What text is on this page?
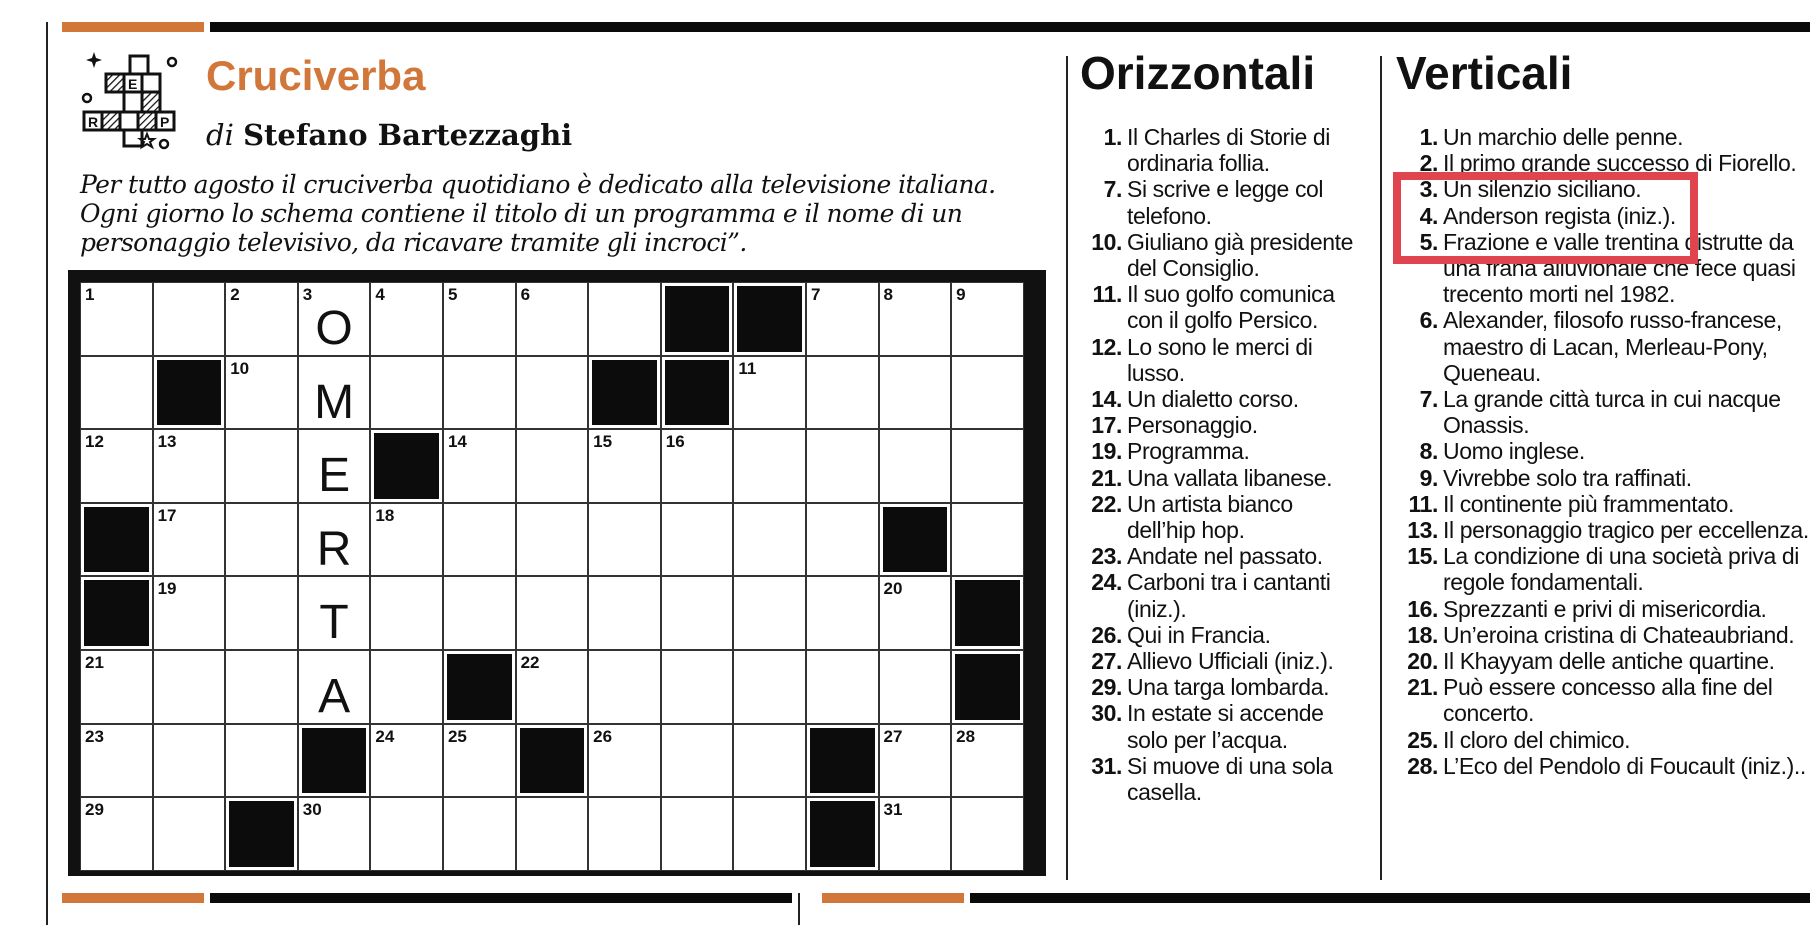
E
R	P
Cruciverba
di Stefano Bartezzaghi
Per tutto agosto il cruciverba quotidiano è dedicato alla televisione italiana. Ogni giorno lo schema contiene il titolo di un programma e il nome di un personaggio televisivo, da ricavare tramite gli incroci”.
1	2	3
O
4	5	6	7	8	9
10
M
11
12	13
E
14	15	16
17
R
18
19
T
20
21
A
22
23	24	25	26	27	28
29	30	31
Orizzontali
1. Il Charles di Storie di ordinaria follia.
7. Si scrive e legge col telefono.
10. Giuliano già presidente del Consiglio.
11. Il suo golfo comunica con il golfo Persico.
12. Lo sono le merci di lusso.
14. Un dialetto corso.
17. Personaggio.
19. Programma.
21. Una vallata libanese.
22. Un artista bianco dell’hip hop.
23. Andate nel passato.
24. Carboni tra i cantanti (iniz.).
26. Qui in Francia.
27. Allievo Ufficiali (iniz.).
29. Una targa lombarda.
30. In estate si accende solo per l’acqua.
31. Si muove di una sola casella.
Verticali
1. Un marchio delle penne.
2. Il primo grande successo di Fiorello.
3. Un silenzio siciliano.
4. Anderson regista (iniz.).
5. Frazione e valle trentina distrutte da una frana alluvionale che fece quasi trecento morti nel 1982.
6. Alexander, filosofo russo-francese, maestro di Lacan, Merleau-Pony, Queneau.
7. La grande città turca in cui nacque Onassis.
8. Uomo inglese.
9. Vivrebbe solo tra raffinati.
11. Il continente più frammentato.
13. Il personaggio tragico per eccellenza.
15. La condizione di una società priva di regole fondamentali.
16. Sprezzanti e privi di misericordia.
18. Un’eroina cristina di Chateaubriand.
20. Il Khayyam delle antiche quartine.
21. Può essere concesso alla fine del concerto.
25. Il cloro del chimico.
28. L’Eco del Pendolo di Foucault (iniz.)..
